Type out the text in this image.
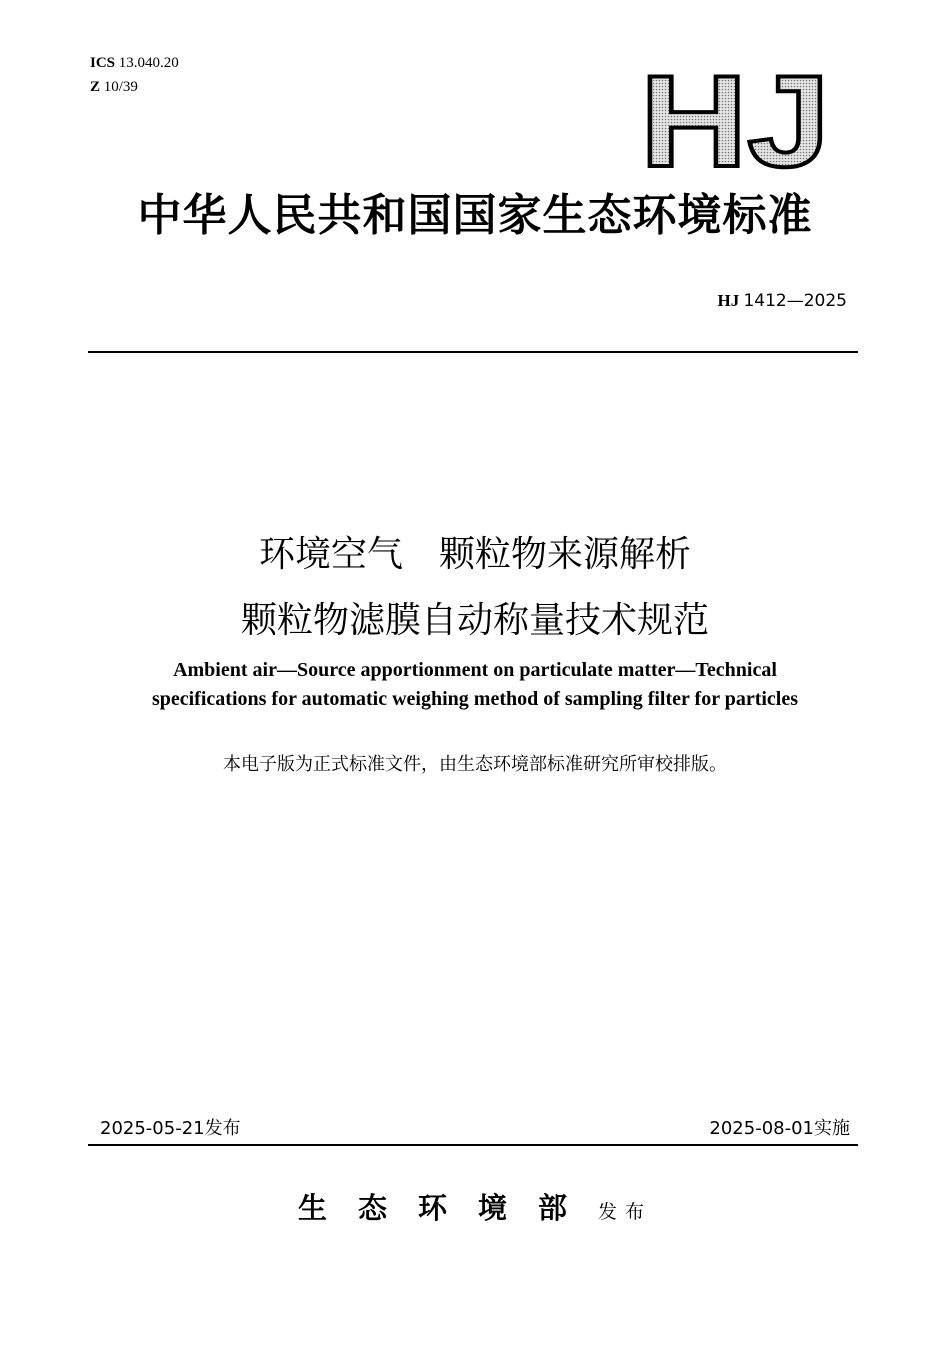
ICS 13.040.20
Z 10/39	HJ
中华人民共和国国家生态环境标准
HJ 1412—2025
环境空气　颗粒物来源解析
颗粒物滤膜自动称量技术规范
Ambient air—Source apportionment on particulate matter—Technical
specifications for automatic weighing method of sampling filter for particles
本电子版为正式标准文件，由生态环境部标准研究所审校排版。
2025-05-21发布	2025-08-01实施
生态环境部发布
